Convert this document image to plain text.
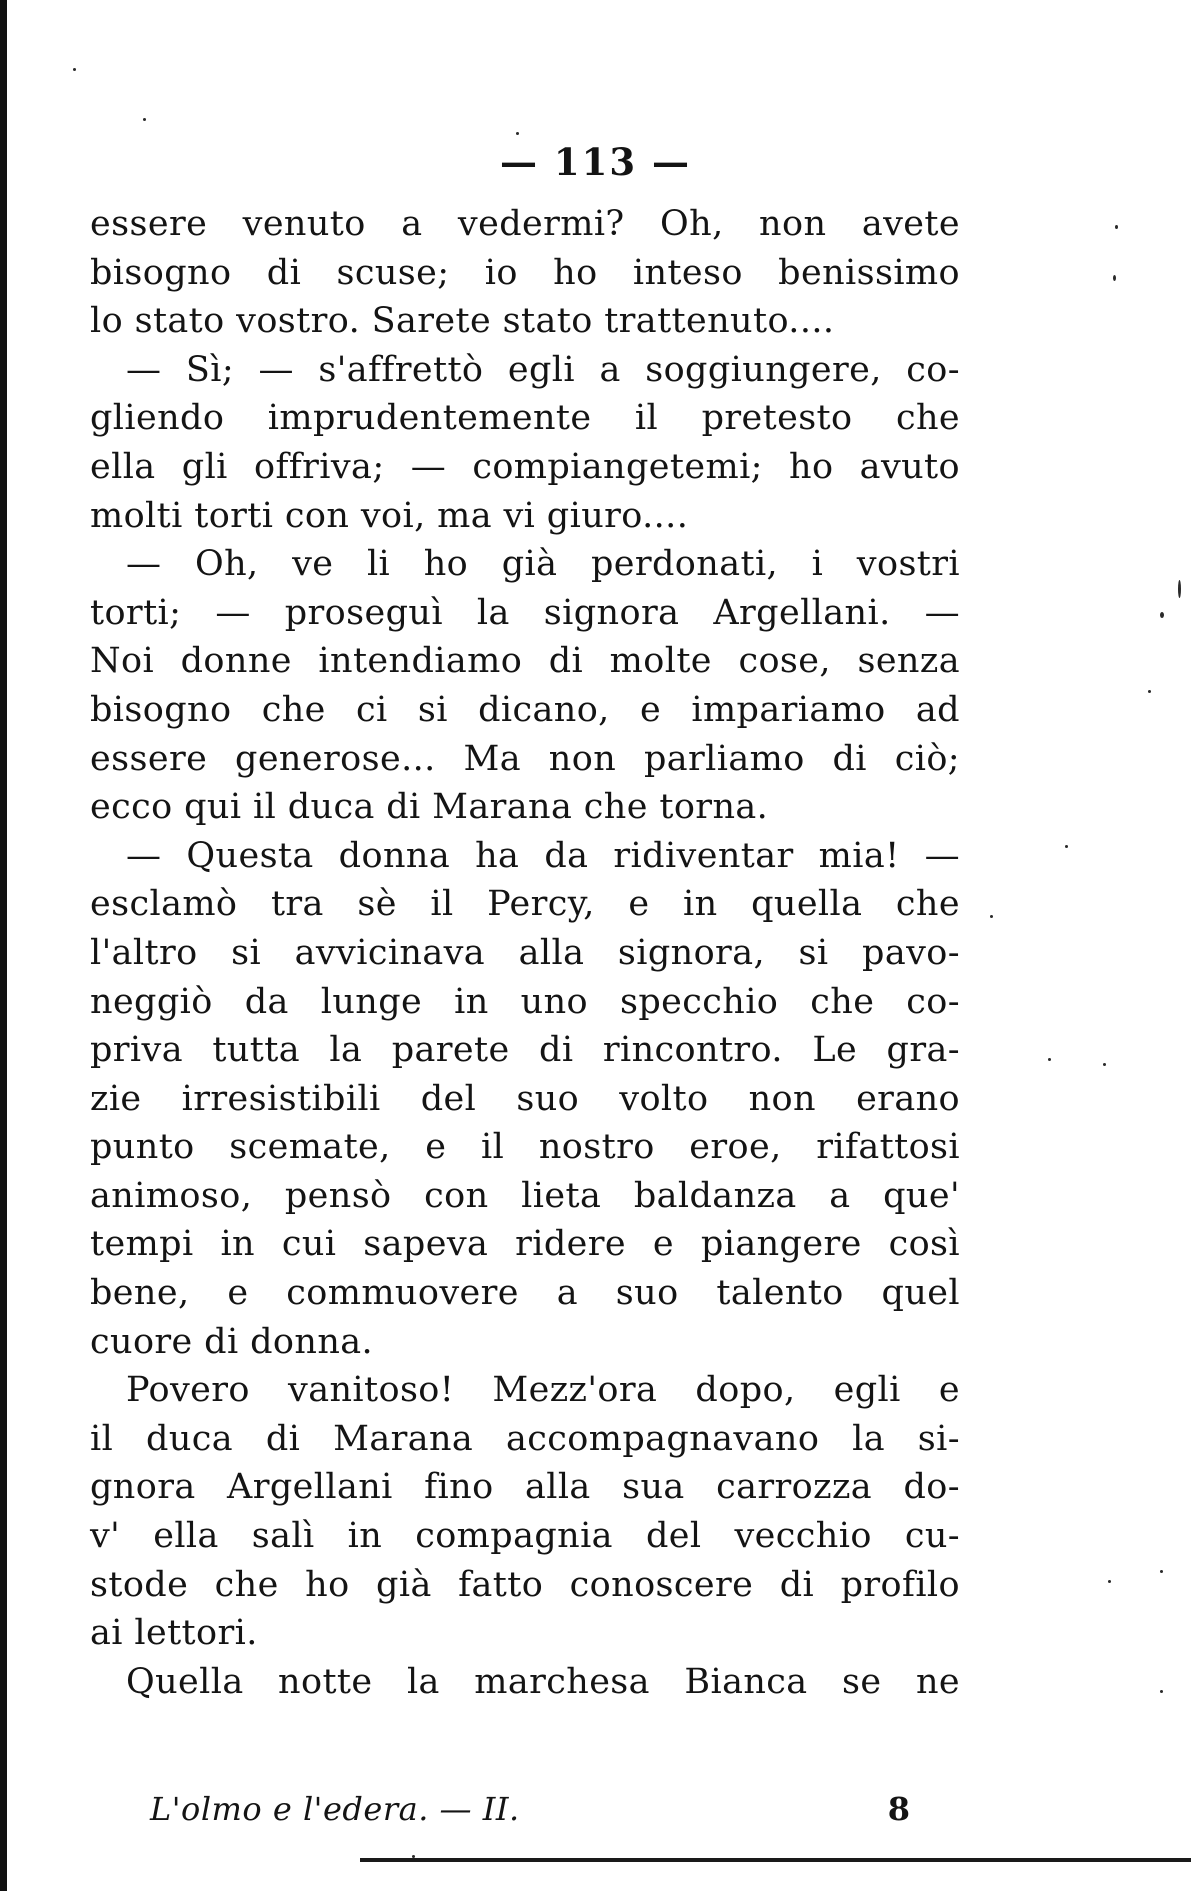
— 113 —
essere venuto a vedermi? Oh, non avete
bisogno di scuse; io ho inteso benissimo
lo stato vostro. Sarete stato trattenuto....
— Sì; — s'affrettò egli a soggiungere, co-
gliendo imprudentemente il pretesto che
ella gli offriva; — compiangetemi; ho avuto
molti torti con voi, ma vi giuro....
— Oh, ve li ho già perdonati, i vostri
torti; — proseguì la signora Argellani. —
Noi donne intendiamo di molte cose, senza
bisogno che ci si dicano, e impariamo ad
essere generose... Ma non parliamo di ciò;
ecco qui il duca di Marana che torna.
— Questa donna ha da ridiventar mia! —
esclamò tra sè il Percy, e in quella che
l'altro si avvicinava alla signora, si pavo-
neggiò da lunge in uno specchio che co-
priva tutta la parete di rincontro. Le gra-
zie irresistibili del suo volto non erano
punto scemate, e il nostro eroe, rifattosi
animoso, pensò con lieta baldanza a que'
tempi in cui sapeva ridere e piangere così
bene, e commuovere a suo talento quel
cuore di donna.
Povero vanitoso! Mezz'ora dopo, egli e
il duca di Marana accompagnavano la si-
gnora Argellani fino alla sua carrozza do-
v' ella salì in compagnia del vecchio cu-
stode che ho già fatto conoscere di profilo
ai lettori.
Quella notte la marchesa Bianca se ne
L'olmo e l'edera. — II.	8
